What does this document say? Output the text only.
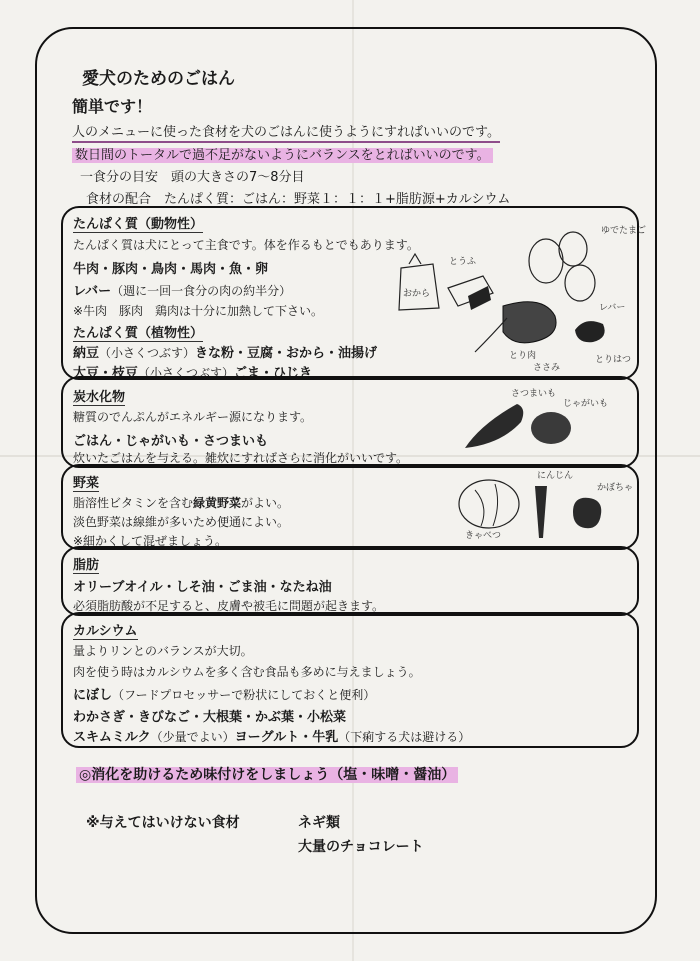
愛犬のためのごはん
簡単です！
人のメニューに使った食材を犬のごはんに使うようにすればいいのです。
数日間のトータルで過不足がないようにバランスをとればいいのです。
一食分の目安　頭の大きさの7〜8分目
食材の配合　たんぱく質：ごはん：野菜１：１：１+脂肪源+カルシウム
たんぱく質（動物性）
たんぱく質は犬にとって主食です。体を作るもとでもあります。
牛肉・豚肉・鳥肉・馬肉・魚・卵
レバー（週に一回一食分の肉の約半分）
※牛肉　豚肉　鶏肉は十分に加熱して下さい。
たんぱく質（植物性）
納豆（小さくつぶす）きな粉・豆腐・おから・油揚げ
大豆・枝豆（小さくつぶす）ごま・ひじき
おから
とうふ
ゆでたまご
とり肉
ささみ
レバー
とりはつ
炭水化物
糖質のでんぷんがエネルギー源になります。
ごはん・じゃがいも・さつまいも
炊いたごはんを与える。雑炊にすればさらに消化がいいです。
さつまいも
じゃがいも
野菜
脂溶性ビタミンを含む緑黄野菜がよい。
淡色野菜は線維が多いため便通によい。
※細かくして混ぜましょう。	きゃべつ
にんじん
かぼちゃ
脂肪
オリーブオイル・しそ油・ごま油・なたね油
必須脂肪酸が不足すると、皮膚や被毛に問題が起きます。
カルシウム
量よりリンとのバランスが大切。
肉を使う時はカルシウムを多く含む食品も多めに与えましょう。
にぼし（フードプロセッサーで粉状にしておくと便利）
わかさぎ・きびなご・大根葉・かぶ葉・小松菜
スキムミルク（少量でよい）ヨーグルト・牛乳（下痢する犬は避ける）
◎消化を助けるため味付けをしましょう（塩・味噌・醤油）
※与えてはいけない食材	ネギ類
大量のチョコレート
